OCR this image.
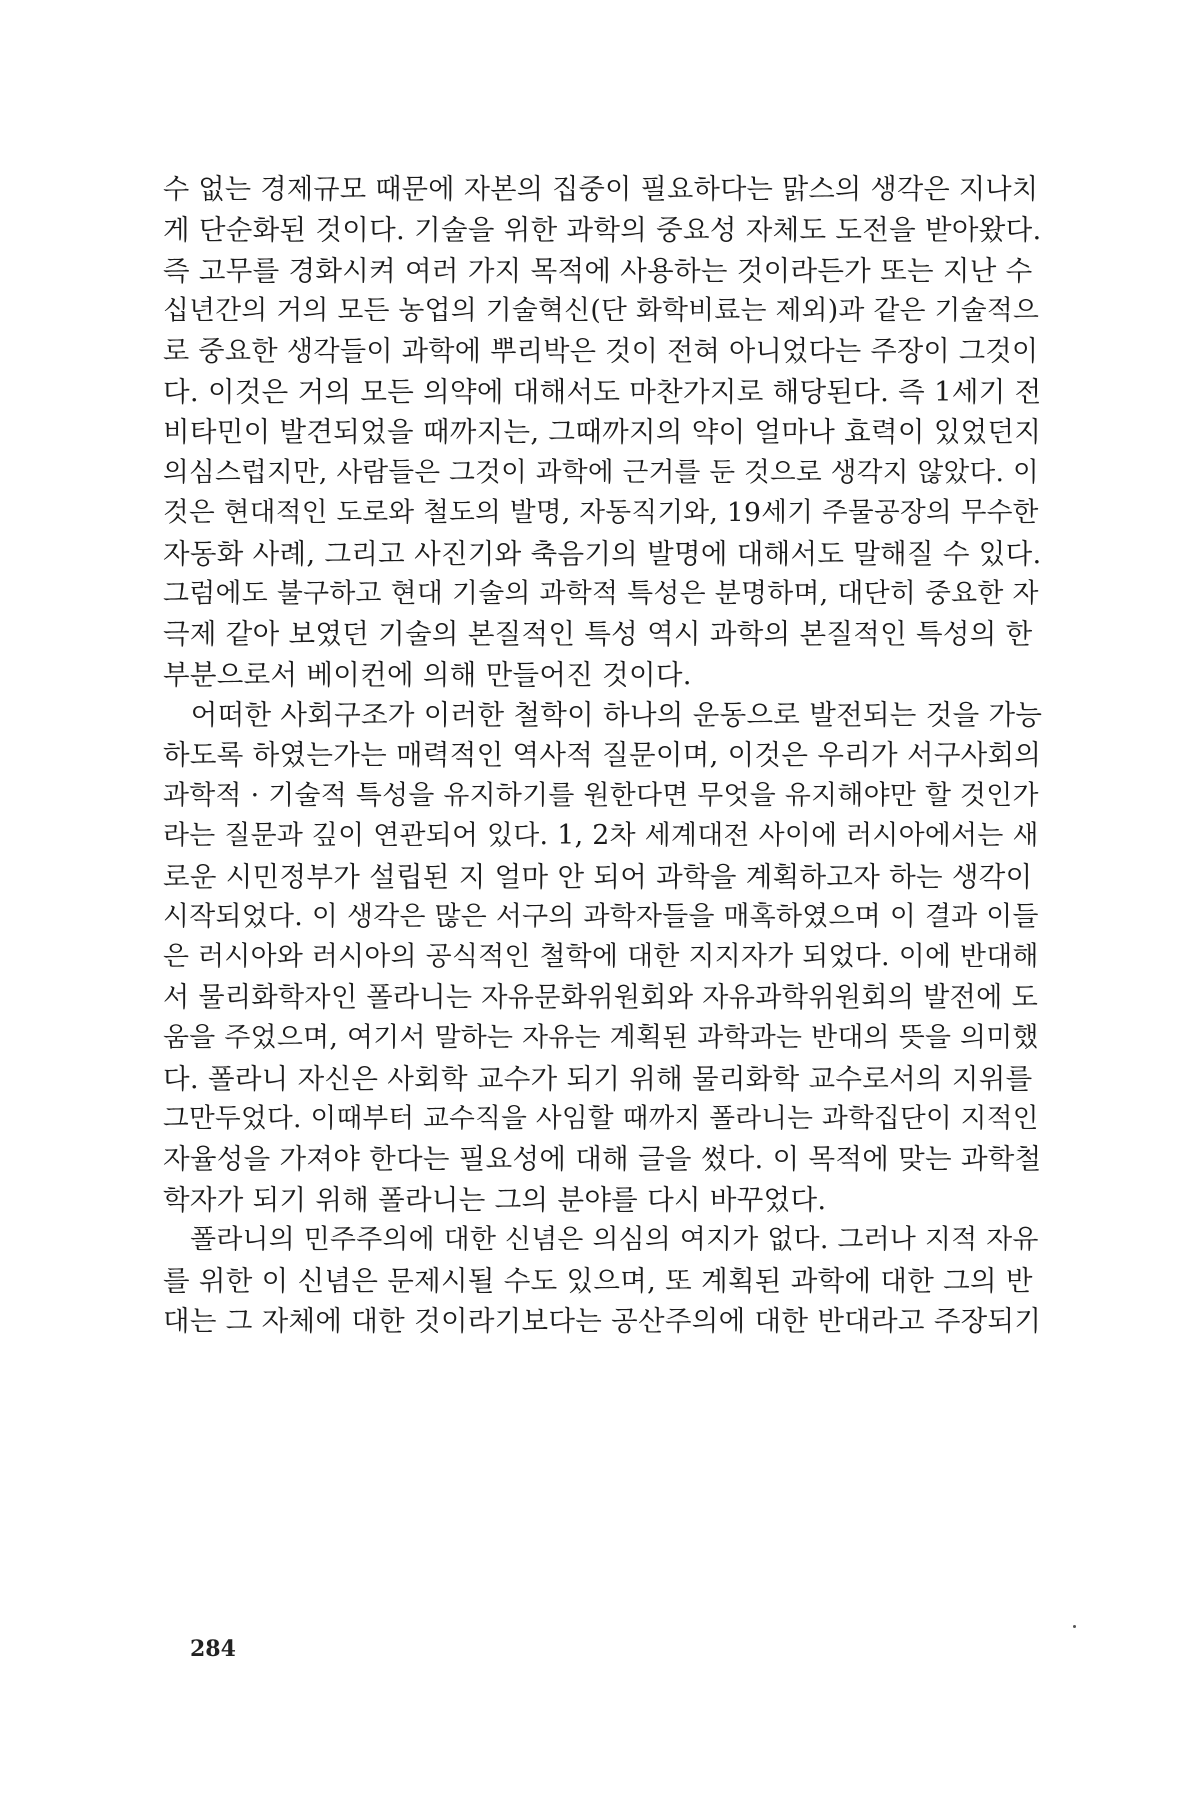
수 없는 경제규모 때문에 자본의 집중이 필요하다는 맑스의 생각은 지나치
게 단순화된 것이다. 기술을 위한 과학의 중요성 자체도 도전을 받아왔다.
즉 고무를 경화시켜 여러 가지 목적에 사용하는 것이라든가 또는 지난 수
십년간의 거의 모든 농업의 기술혁신(단 화학비료는 제외)과 같은 기술적으
로 중요한 생각들이 과학에 뿌리박은 것이 전혀 아니었다는 주장이 그것이
다. 이것은 거의 모든 의약에 대해서도 마찬가지로 해당된다. 즉 1세기 전
비타민이 발견되었을 때까지는, 그때까지의 약이 얼마나 효력이 있었던지
의심스럽지만, 사람들은 그것이 과학에 근거를 둔 것으로 생각지 않았다. 이
것은 현대적인 도로와 철도의 발명, 자동직기와, 19세기 주물공장의 무수한
자동화 사례, 그리고 사진기와 축음기의 발명에 대해서도 말해질 수 있다.
그럼에도 불구하고 현대 기술의 과학적 특성은 분명하며, 대단히 중요한 자
극제 같아 보였던 기술의 본질적인 특성 역시 과학의 본질적인 특성의 한
부분으로서 베이컨에 의해 만들어진 것이다.
　어떠한 사회구조가 이러한 철학이 하나의 운동으로 발전되는 것을 가능
하도록 하였는가는 매력적인 역사적 질문이며, 이것은 우리가 서구사회의
과학적 · 기술적 특성을 유지하기를 원한다면 무엇을 유지해야만 할 것인가
라는 질문과 깊이 연관되어 있다. 1, 2차 세계대전 사이에 러시아에서는 새
로운 시민정부가 설립된 지 얼마 안 되어 과학을 계획하고자 하는 생각이
시작되었다. 이 생각은 많은 서구의 과학자들을 매혹하였으며 이 결과 이들
은 러시아와 러시아의 공식적인 철학에 대한 지지자가 되었다. 이에 반대해
서 물리화학자인 폴라니는 자유문화위원회와 자유과학위원회의 발전에 도
움을 주었으며, 여기서 말하는 자유는 계획된 과학과는 반대의 뜻을 의미했
다. 폴라니 자신은 사회학 교수가 되기 위해 물리화학 교수로서의 지위를
그만두었다. 이때부터 교수직을 사임할 때까지 폴라니는 과학집단이 지적인
자율성을 가져야 한다는 필요성에 대해 글을 썼다. 이 목적에 맞는 과학철
학자가 되기 위해 폴라니는 그의 분야를 다시 바꾸었다.
　폴라니의 민주주의에 대한 신념은 의심의 여지가 없다. 그러나 지적 자유
를 위한 이 신념은 문제시될 수도 있으며, 또 계획된 과학에 대한 그의 반
대는 그 자체에 대한 것이라기보다는 공산주의에 대한 반대라고 주장되기
284
